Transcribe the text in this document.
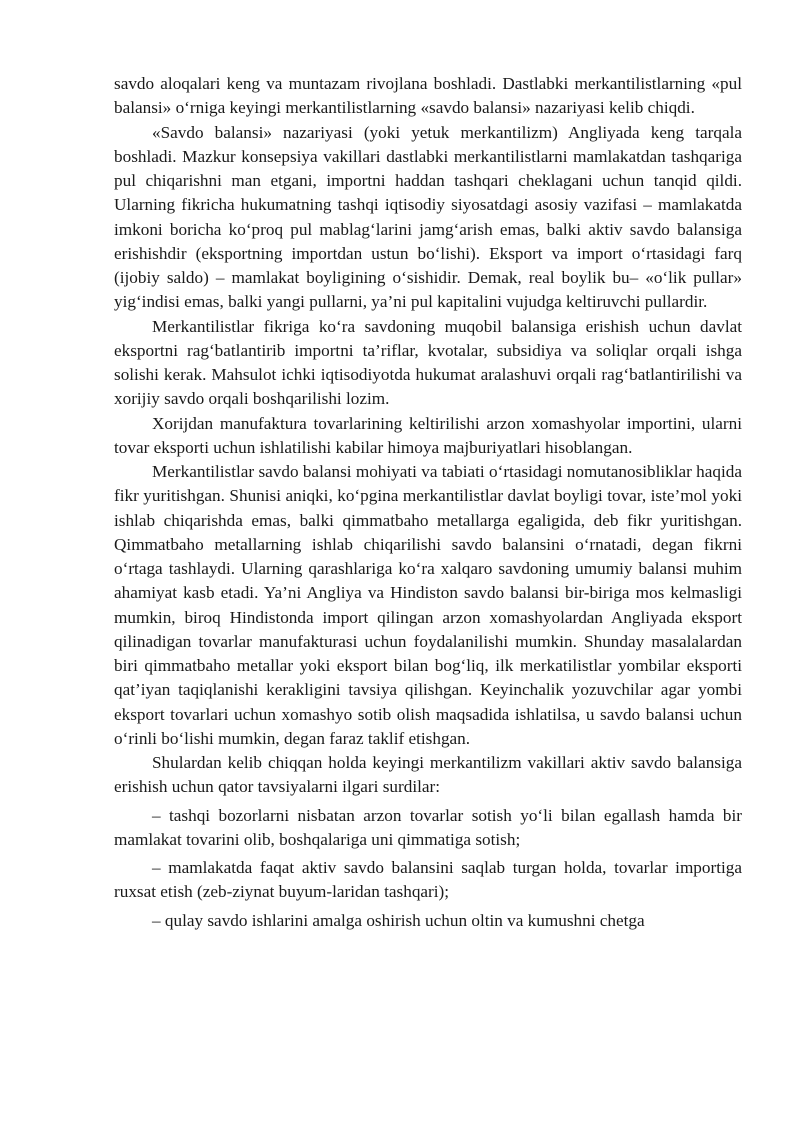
savdo aloqalari keng va muntazam rivojlana boshladi. Dastlabki merkantilistlarning «pul balansi» o‘rniga keyingi merkantilistlarning «savdo balansi» nazariyasi kelib chiqdi.

«Savdo balansi» nazariyasi (yoki yetuk merkantilizm) Angliyada keng tarqala boshladi. Mazkur konsepsiya vakillari dastlabki merkantilistlarni mamlakatdan tashqariga pul chiqarishni man etgani, importni haddan tashqari cheklagani uchun tanqid qildi. Ularning fikricha hukumatning tashqi iqtisodiy siyosatdagi asosiy vazifasi – mamlakatda imkoni boricha ko‘proq pul mablag‘larini jamg‘arish emas, balki aktiv savdo balansiga erishishdir (eksportning importdan ustun bo‘lishi). Eksport va import o‘rtasidagi farq (ijobiy saldo) – mamlakat boyligining o‘sishidir. Demak, real boylik bu– «o‘lik pullar» yig‘indisi emas, balki yangi pullarni, ya’ni pul kapitalini vujudga keltiruvchi pullardir.

Merkantilistlar fikriga ko‘ra savdoning muqobil balansiga erishish uchun davlat eksportni rag‘batlantirib importni ta’riflar, kvotalar, subsidiya va soliqlar orqali ishga solishi kerak. Mahsulot ichki iqtisodiyotda hukumat aralashuvi orqali rag‘batlantirilishi va xorijiy savdo orqali boshqarilishi lozim.

Xorijdan manufaktura tovarlarining keltirilishi arzon xomashyolar importini, ularni tovar eksporti uchun ishlatilishi kabilar himoya majburiyatlari hisoblangan.

Merkantilistlar savdo balansi mohiyati va tabiati o‘rtasidagi nomutanosibliklar haqida fikr yuritishgan. Shunisi aniqki, ko‘pgina merkantilistlar davlat boyligi tovar, iste’mol yoki ishlab chiqarishda emas, balki qimmatbaho metallarga egaligida, deb fikr yuritishgan. Qimmatbaho metallarning ishlab chiqarilishi savdo balansini o‘rnatadi, degan fikrni o‘rtaga tashlaydi. Ularning qarashlariga ko‘ra xalqaro savdoning umumiy balansi muhim ahamiyat kasb etadi. Ya’ni Angliya va Hindiston savdo balansi bir-biriga mos kelmasligi mumkin, biroq Hindistonda import qilingan arzon xomashyolardan Angliyada eksport qilinadigan tovarlar manufakturasi uchun foydalanilishi mumkin. Shunday masalalardan biri qimmatbaho metallar yoki eksport bilan bog‘liq, ilk merkatilistlar yombilar eksporti qat’iyan taqiqlanishi kerakligini tavsiya qilishgan. Keyinchalik yozuvchilar agar yombi eksport tovarlari uchun xomashyo sotib olish maqsadida ishlatilsa, u savdo balansi uchun o‘rinli bo‘lishi mumkin, degan faraz taklif etishgan.

Shulardan kelib chiqqan holda keyingi merkantilizm vakillari aktiv savdo balansiga erishish uchun qator tavsiyalarni ilgari surdilar:

– tashqi bozorlarni nisbatan arzon tovarlar sotish yo‘li bilan egallash hamda bir mamlakat tovarini olib, boshqalariga uni qimmatiga sotish;

– mamlakatda faqat aktiv savdo balansini saqlab turgan holda, tovarlar importiga ruxsat etish (zeb-ziynat buyum-laridan tashqari);

– qulay savdo ishlarini amalga oshirish uchun oltin va kumushni chetga
